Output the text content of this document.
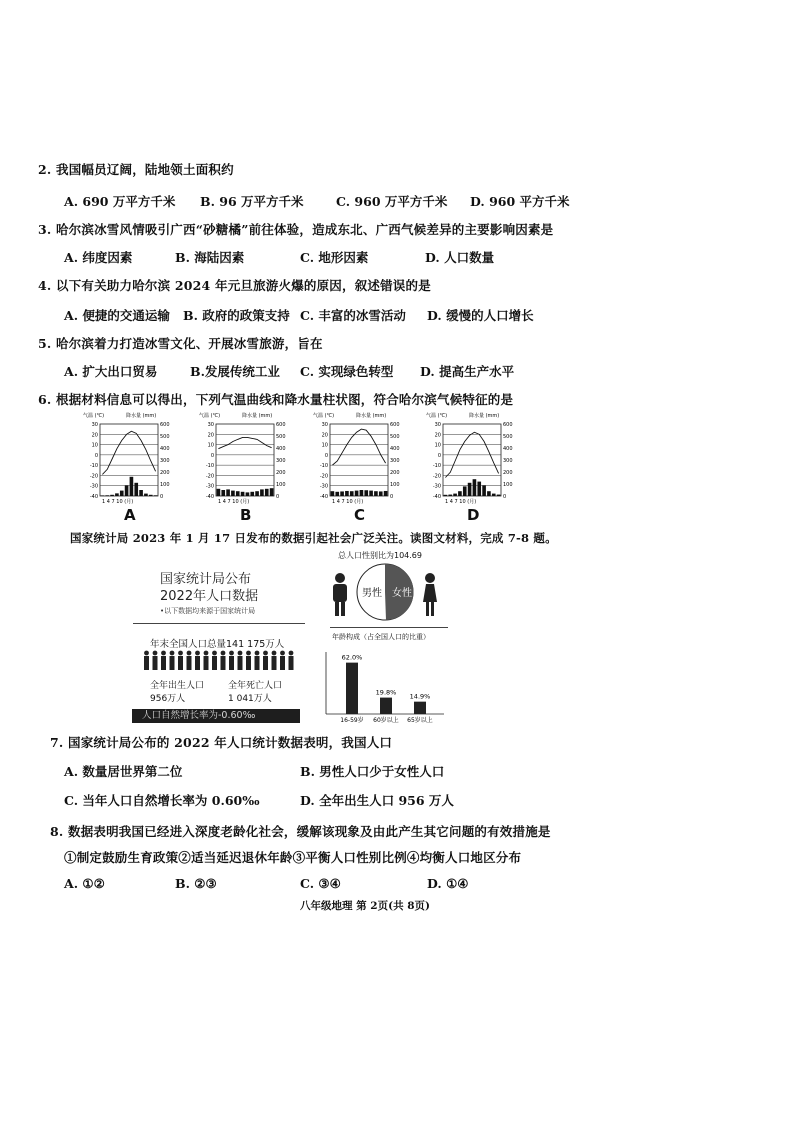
2. 我国幅员辽阔，陆地领土面积约
A. 690 万平方千米 B. 96 万平方千米	C. 960 万平方千米 D. 960 平方千米
3. 哈尔滨冰雪风情吸引广西“砂糖橘”前往体验，造成东北、广西气候差异的主要影响因素是
A. 纬度因素	B. 海陆因素	C. 地形因素	D. 人口数量
4. 以下有关助力哈尔滨 2024 年元旦旅游火爆的原因，叙述错误的是
A. 便捷的交通运输 B. 政府的政策支持 C. 丰富的冰雪活动 D. 缓慢的人口增长
5. 哈尔滨着力打造冰雪文化、开展冰雪旅游，旨在
A. 扩大出口贸易	B.发展传统工业 C. 实现绿色转型 D. 提高生产水平
6. 根据材料信息可以得出，下列气温曲线和降水量柱状图，符合哈尔滨气候特征的是
气温 (℃)	降水量 (mm)
30
20
10
0
-10
-20
-30
-40
600
500
400
300
200
100
0
1 4 7 10 (月)
A
气温 (℃)	降水量 (mm)
30
20
10
0
-10
-20
-30
-40
600
500
400
300
200
100
0
1 4 7 10 (月)
B
气温 (℃)	降水量 (mm)
30
20
10
0
-10
-20
-30
-40
600
500
400
300
200
100
0
1 4 7 10 (月)
C
气温 (℃)	降水量 (mm)
30
20
10
0
-10
-20
-30
-40
600
500
400
300
200
100
0
1 4 7 10 (月)
D
国家统计局 2023 年 1 月 17 日发布的数据引起社会广泛关注。读图文材料，完成 7-8 题。
国家统计局公布
2022年人口数据
•以下数据均来源于国家统计局
年末全国人口总量141 175万人
全年出生人口
956万人
全年死亡人口
1 041万人
人口自然增长率为-0.60‰
总人口性别比为104.69
男性 女性
年龄构成（占全国人口的比重）
62.0%
16-59岁
19.8%
60岁以上
14.9%
65岁以上
7. 国家统计局公布的 2022 年人口统计数据表明，我国人口
A. 数量居世界第二位	B. 男性人口少于女性人口
C. 当年人口自然增长率为 0.60‰	D. 全年出生人口 956 万人
8. 数据表明我国已经进入深度老龄化社会，缓解该现象及由此产生其它问题的有效措施是
①制定鼓励生育政策②适当延迟退休年龄③平衡人口性别比例④均衡人口地区分布
A. ①②	B. ②③	C. ③④	D. ①④
八年级地理 第 2页(共 8页)
